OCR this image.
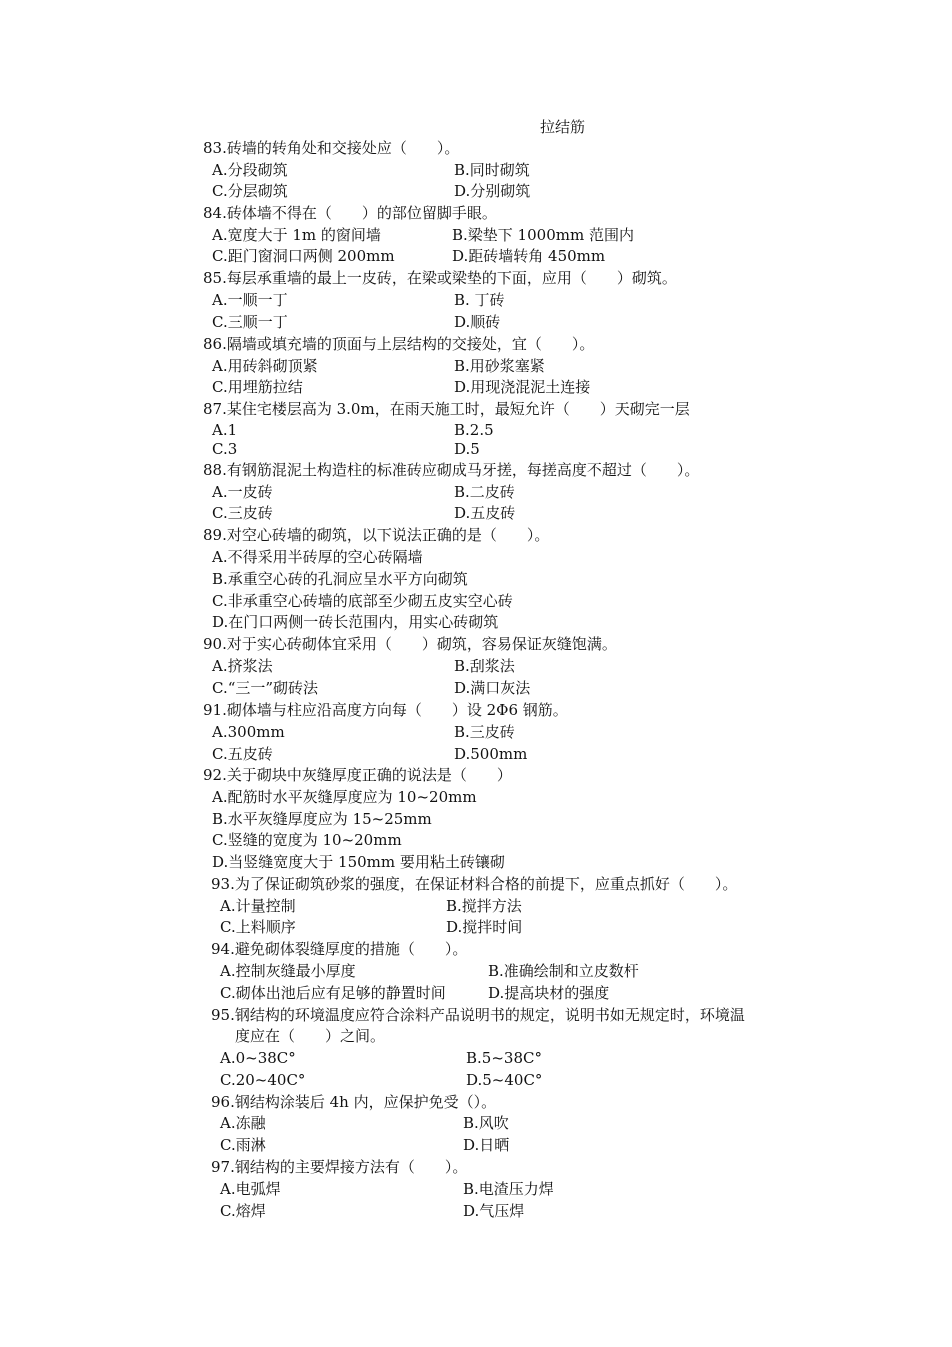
拉结筋
83.砖墙的转角处和交接处应（　　）。
A.分段砌筑	B.同时砌筑
C.分层砌筑	D.分别砌筑
84.砖体墙不得在（　　）的部位留脚手眼。
A.宽度大于 1m 的窗间墙	B.梁垫下 1000mm 范围内
C.距门窗洞口两侧 200mm	D.距砖墙转角 450mm
85.每层承重墙的最上一皮砖，在梁或梁垫的下面，应用（　　）砌筑。
A.一顺一丁	B. 丁砖
C.三顺一丁	D.顺砖
86.隔墙或填充墙的顶面与上层结构的交接处，宜（　　）。
A.用砖斜砌顶紧	B.用砂浆塞紧
C.用埋筋拉结	D.用现浇混泥土连接
87.某住宅楼层高为 3.0m，在雨天施工时，最短允许（　　）天砌完一层
A.1	B.2.5
C.3	D.5
88.有钢筋混泥土构造柱的标准砖应砌成马牙搓，每搓高度不超过（　　）。
A.一皮砖	B.二皮砖
C.三皮砖	D.五皮砖
89.对空心砖墙的砌筑，以下说法正确的是（　　）。
A.不得采用半砖厚的空心砖隔墙
B.承重空心砖的孔洞应呈水平方向砌筑
C.非承重空心砖墙的底部至少砌五皮实空心砖
D.在门口两侧一砖长范围内，用实心砖砌筑
90.对于实心砖砌体宜采用（　　）砌筑，容易保证灰缝饱满。
A.挤浆法	B.刮浆法
C.“三一”砌砖法	D.满口灰法
91.砌体墙与柱应沿高度方向每（　　）设 2Φ6 钢筋。
A.300mm	B.三皮砖
C.五皮砖	D.500mm
92.关于砌块中灰缝厚度正确的说法是（　　）
A.配筋时水平灰缝厚度应为 10~20mm
B.水平灰缝厚度应为 15~25mm
C.竖缝的宽度为 10~20mm
D.当竖缝宽度大于 150mm 要用粘土砖镶砌
93.为了保证砌筑砂浆的强度，在保证材料合格的前提下，应重点抓好（　　）。
A.计量控制	B.搅拌方法
C.上料顺序	D.搅拌时间
94.避免砌体裂缝厚度的措施（　　）。
A.控制灰缝最小厚度	B.准确绘制和立皮数杆
C.砌体出池后应有足够的静置时间	D.提高块材的强度
95.钢结构的环境温度应符合涂料产品说明书的规定，说明书如无规定时，环境温
度应在（　　）之间。
A.0~38C°	B.5~38C°
C.20~40C°	D.5~40C°
96.钢结构涂装后 4h 内，应保护免受（）。
A.冻融	B.风吹
C.雨淋	D.日晒
97.钢结构的主要焊接方法有（　　）。
A.电弧焊	B.电渣压力焊
C.熔焊	D.气压焊
